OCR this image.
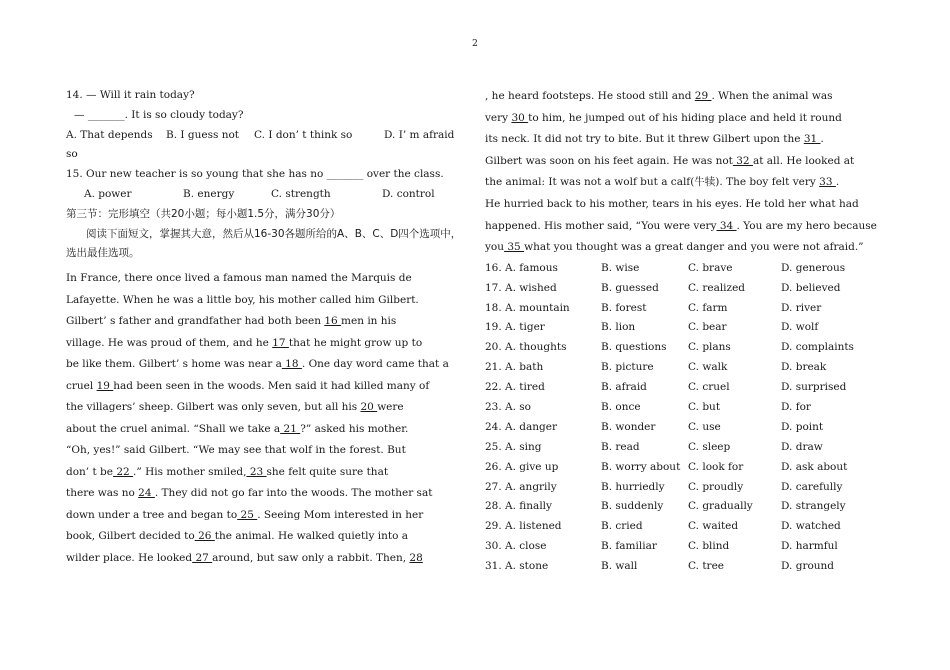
2
14. — Will it rain today?
— _______. It is so cloudy today?
A. That depends B. I guess not C. I don’ t think so	D. I’ m afraid
so
15. Our new teacher is so young that she has no _______ over the class.
A. power	B. energy	C. strength	D. control
第三节：完形填空（共20小题；每小题1.5分，满分30分）
阅读下面短文，掌握其大意，然后从16-30各题所给的A、B、C、D四个选项中，
选出最佳选项。
In France, there once lived a famous man named the Marquis de
Lafayette. When he was a little boy, his mother called him Gilbert.
Gilbert’ s father and grandfather had both been 16 men in his
village. He was proud of them, and he 17 that he might grow up to
be like them. Gilbert’ s home was near a 18 . One day word came that a
cruel 19 had been seen in the woods. Men said it had killed many of
the villagers’ sheep. Gilbert was only seven, but all his 20 were
about the cruel animal. “Shall we take a 21 ?” asked his mother.
“Oh, yes!” said Gilbert. “We may see that wolf in the forest. But
don’ t be 22 .” His mother smiled, 23 she felt quite sure that
there was no 24 . They did not go far into the woods. The mother sat
down under a tree and began to 25 . Seeing Mom interested in her
book, Gilbert decided to 26 the animal. He walked quietly into a
wilder place. He looked 27 around, but saw only a rabbit. Then, 28
, he heard footsteps. He stood still and 29 . When the animal was
very 30 to him, he jumped out of his hiding place and held it round
its neck. It did not try to bite. But it threw Gilbert upon the 31 .
Gilbert was soon on his feet again. He was not 32 at all. He looked at
the animal: It was not a wolf but a calf(牛犊). The boy felt very 33 .
He hurried back to his mother, tears in his eyes. He told her what had
happened. His mother said, “You were very 34 . You are my hero because
you 35 what you thought was a great danger and you were not afraid.”
16. A. famous	B. wise	C. brave	D. generous
17. A. wished	B. guessed	C. realized	D. believed
18. A. mountain	B. forest	C. farm	D. river
19. A. tiger	B. lion	C. bear	D. wolf
20. A. thoughts	B. questions C. plans	D. complaints
21. A. bath	B. picture	C. walk	D. break
22. A. tired	B. afraid	C. cruel	D. surprised
23. A. so	B. once	C. but	D. for
24. A. danger	B. wonder	C. use	D. point
25. A. sing	B. read	C. sleep	D. draw
26. A. give up	B. worry about C. look for	D. ask about
27. A. angrily	B. hurriedly C. proudly	D. carefully
28. A. finally	B. suddenly C. gradually	D. strangely
29. A. listened	B. cried	C. waited	D. watched
30. A. close	B. familiar	C. blind	D. harmful
31. A. stone	B. wall	C. tree	D. ground
